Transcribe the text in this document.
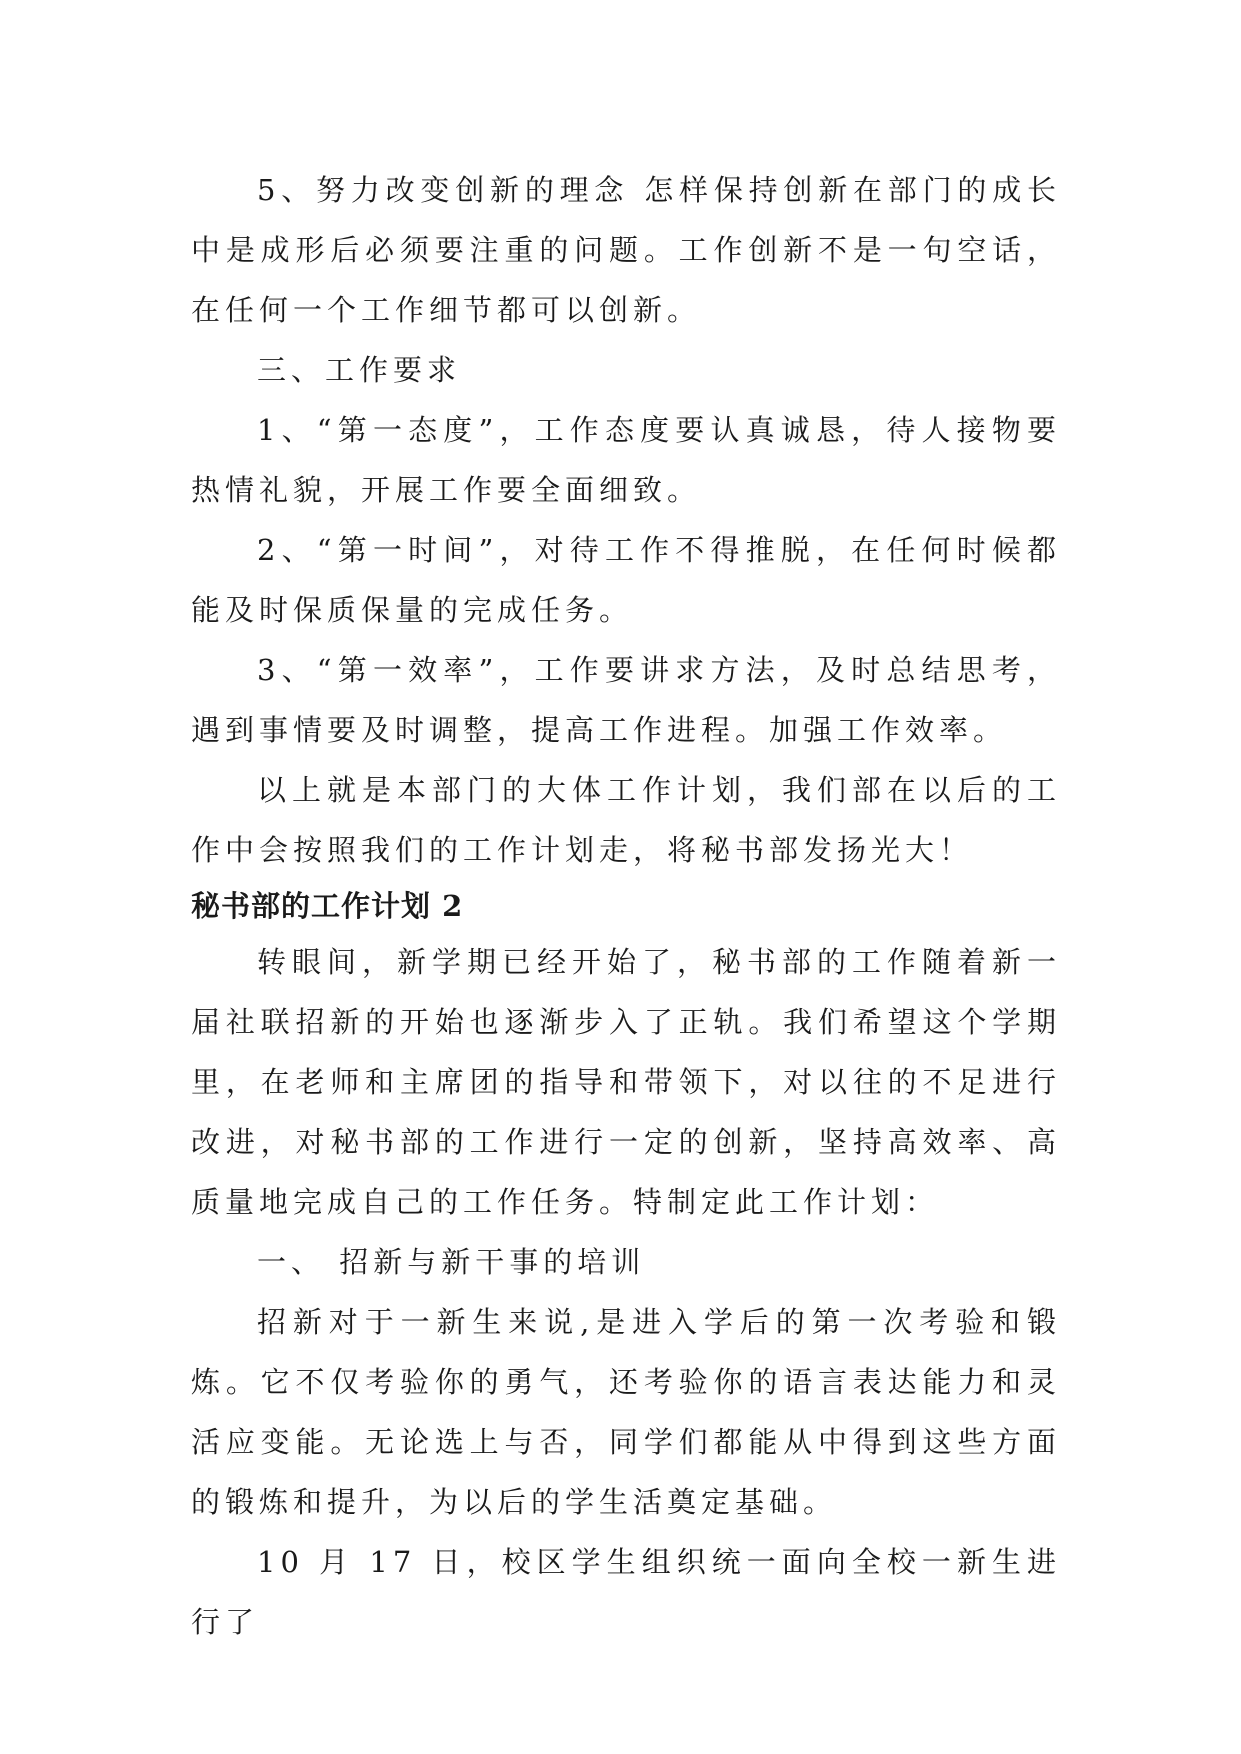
5、努力改变创新的理念 怎样保持创新在部门的成长中是成形后必须要注重的问题。工作创新不是一句空话，在任何一个工作细节都可以创新。

三、工作要求

1、“第一态度”，工作态度要认真诚恳，待人接物要热情礼貌，开展工作要全面细致。

2、“第一时间”，对待工作不得推脱，在任何时候都能及时保质保量的完成任务。

3、“第一效率”，工作要讲求方法，及时总结思考，遇到事情要及时调整，提高工作进程。加强工作效率。

以上就是本部门的大体工作计划，我们部在以后的工作中会按照我们的工作计划走，将秘书部发扬光大！

秘书部的工作计划 2

转眼间，新学期已经开始了，秘书部的工作随着新一届社联招新的开始也逐渐步入了正轨。我们希望这个学期里，在老师和主席团的指导和带领下，对以往的不足进行改进，对秘书部的工作进行一定的创新，坚持高效率、高质量地完成自己的工作任务。特制定此工作计划：

一、 招新与新干事的培训

招新对于一新生来说,是进入学后的第一次考验和锻炼。它不仅考验你的勇气，还考验你的语言表达能力和灵活应变能。无论选上与否，同学们都能从中得到这些方面的锻炼和提升，为以后的学生活奠定基础。

10 月 17 日，校区学生组织统一面向全校一新生进行了
